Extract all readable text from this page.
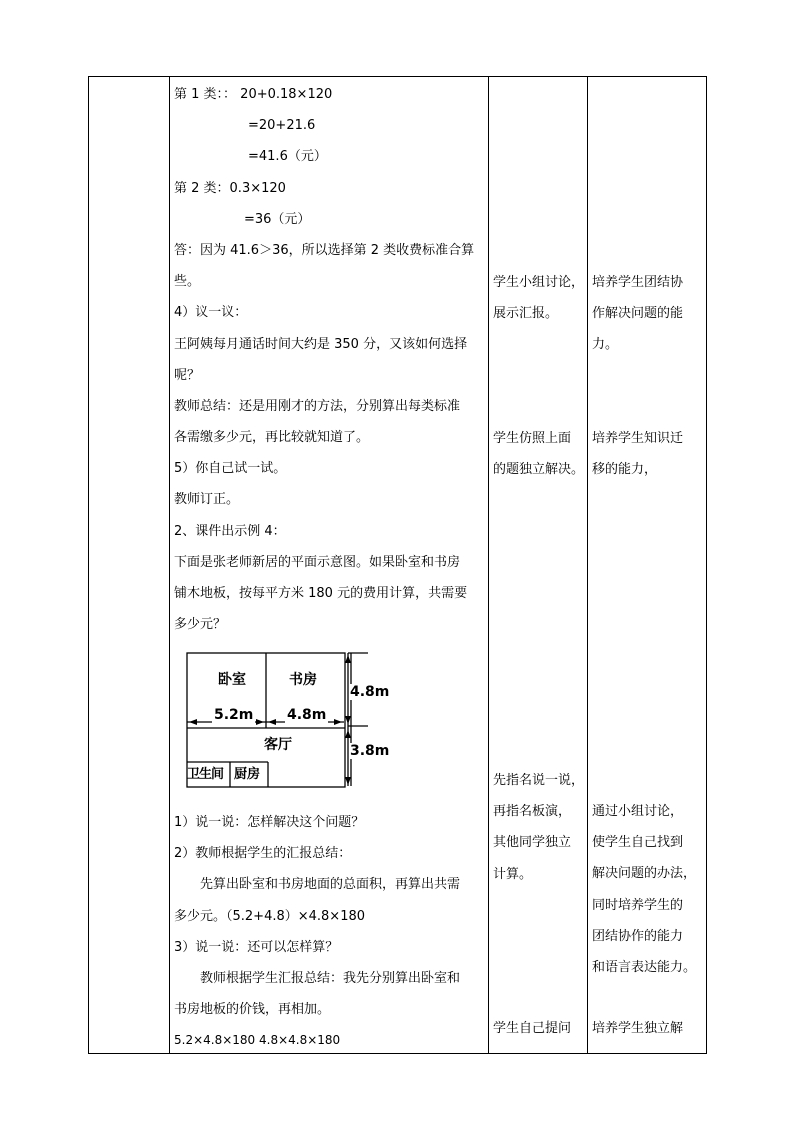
第 1 类：： 20+0.18×120
=20+21.6
=41.6（元）
第 2 类：0.3×120
=36（元）
答：因为 41.6＞36，所以选择第 2 类收费标准合算
些。
4）议一议：
王阿姨每月通话时间大约是 350 分，又该如何选择
呢？
教师总结：还是用刚才的方法，分别算出每类标准
各需缴多少元，再比较就知道了。
5）你自己试一试。
教师订正。
2、课件出示例 4：
下面是张老师新居的平面示意图。如果卧室和书房
铺木地板，按每平方米 180 元的费用计算，共需要
多少元？
1）说一说：怎样解决这个问题？
2）教师根据学生的汇报总结：
先算出卧室和书房地面的总面积，再算出共需
多少元。（5.2+4.8）×4.8×180
3）说一说：还可以怎样算？
教师根据学生汇报总结：我先分别算出卧室和
书房地板的价钱，再相加。
5.2×4.8×180 4.8×4.8×180
学生小组讨论，
展示汇报。
学生仿照上面
的题独立解决。
先指名说一说，
再指名板演，
其他同学独立
计算。
学生自己提问
培养学生团结协
作解决问题的能
力。
培养学生知识迁
移的能力，
通过小组讨论，
使学生自己找到
解决问题的办法，
同时培养学生的
团结协作的能力
和语言表达能力。
培养学生独立解
卧室	书房
5.2m 4.8m
4.8m
客厅	3.8m
卫生间 厨房
